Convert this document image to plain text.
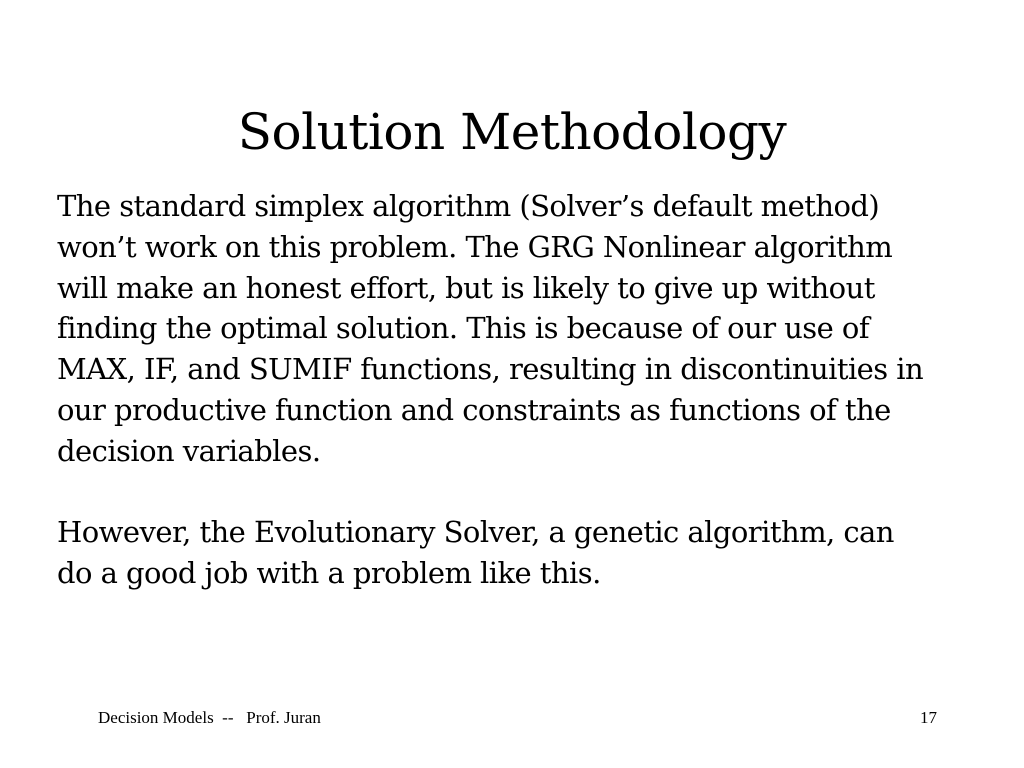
Solution Methodology

The standard simplex algorithm (Solver’s default method) won’t work on this problem. The GRG Nonlinear algorithm will make an honest effort, but is likely to give up without finding the optimal solution. This is because of our use of MAX, IF, and SUMIF functions, resulting in discontinuities in our productive function and constraints as functions of the decision variables.

However, the Evolutionary Solver, a genetic algorithm, can do a good job with a problem like this.

Decision Models  --   Prof. Juran	17
